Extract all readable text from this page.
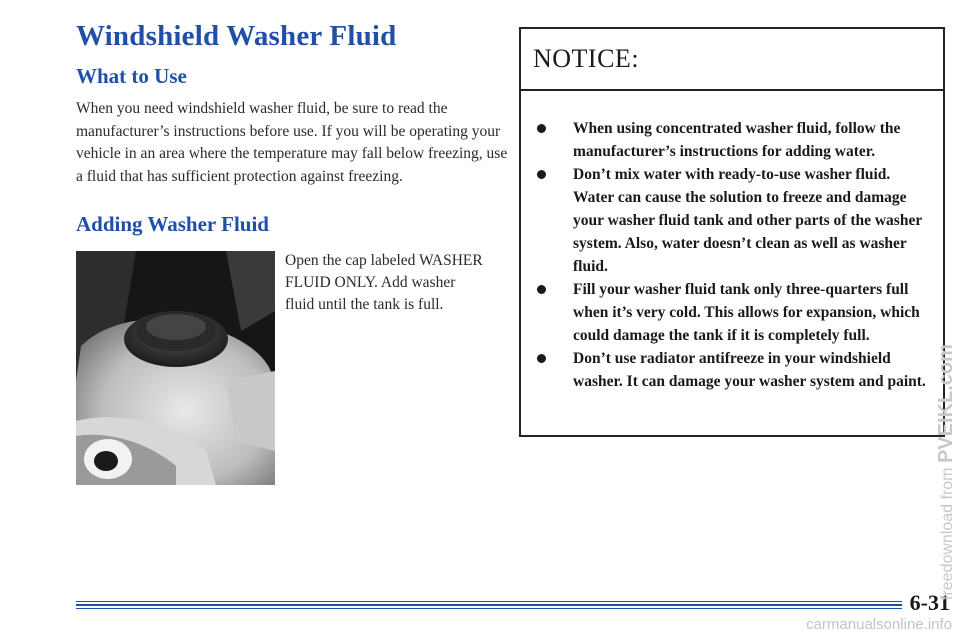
Windshield Washer Fluid
What to Use

When you need windshield washer fluid, be sure to read the manufacturer’s instructions before use. If you will be operating your vehicle in an area where the temperature may fall below freezing, use a fluid that has sufficient protection against freezing.

Adding Washer Fluid

Open the cap labeled WASHER FLUID ONLY. Add washer fluid until the tank is full.

NOTICE:
When using concentrated washer fluid, follow the manufacturer’s instructions for adding water.
Don’t mix water with ready-to-use washer fluid. Water can cause the solution to freeze and damage your washer fluid tank and other parts of the washer system. Also, water doesn’t clean as well as washer fluid.
Fill your washer fluid tank only three-quarters full when it’s very cold. This allows for expansion, which could damage the tank if it is completely full.
Don’t use radiator antifreeze in your windshield washer. It can damage your washer system and paint.
6-31
freedownload from PVEIKL.com
carmanualsonline.info
